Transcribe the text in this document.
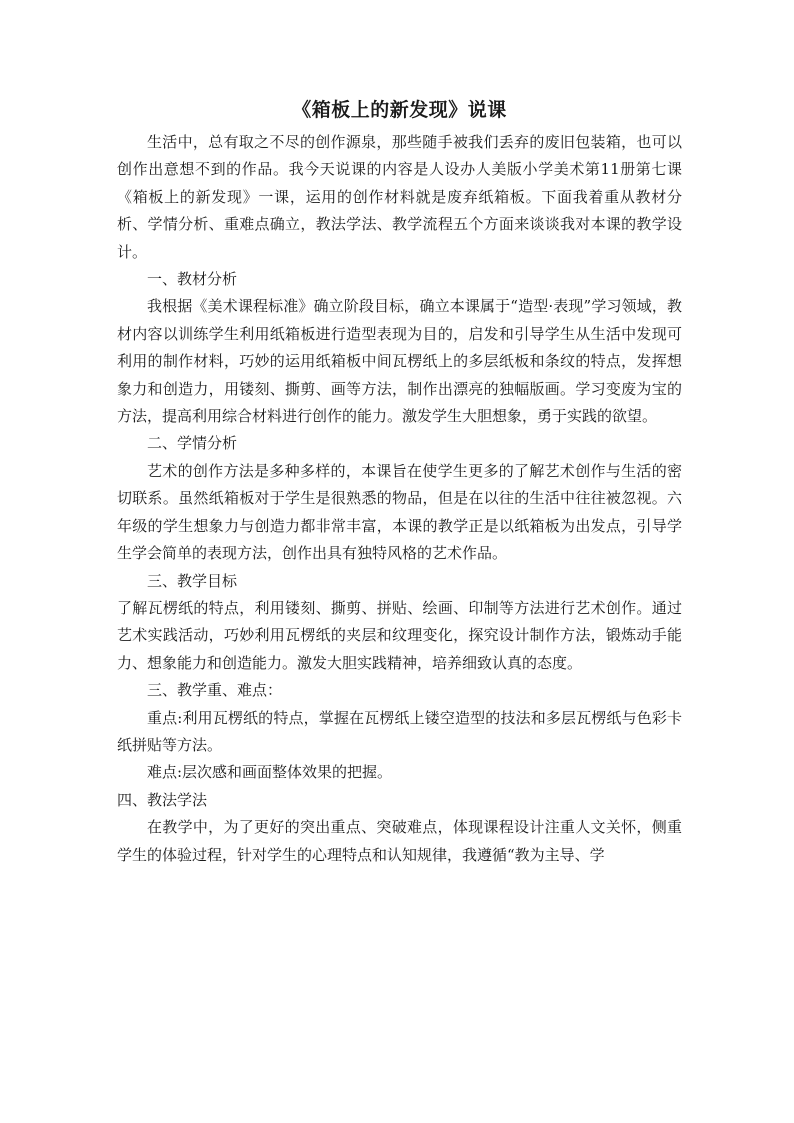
《箱板上的新发现》说课

生活中，总有取之不尽的创作源泉，那些随手被我们丢弃的废旧包装箱，也可以创作出意想不到的作品。我今天说课的内容是人设办人美版小学美术第11册第七课《箱板上的新发现》一课，运用的创作材料就是废弃纸箱板。下面我着重从教材分析、学情分析、重难点确立，教法学法、教学流程五个方面来谈谈我对本课的教学设计。

一、教材分析

我根据《美术课程标准》确立阶段目标，确立本课属于“造型·表现”学习领域，教材内容以训练学生利用纸箱板进行造型表现为目的，启发和引导学生从生活中发现可利用的制作材料，巧妙的运用纸箱板中间瓦楞纸上的多层纸板和条纹的特点，发挥想象力和创造力，用镂刻、撕剪、画等方法，制作出漂亮的独幅版画。学习变废为宝的方法，提高利用综合材料进行创作的能力。激发学生大胆想象，勇于实践的欲望。

二、学情分析

艺术的创作方法是多种多样的，本课旨在使学生更多的了解艺术创作与生活的密切联系。虽然纸箱板对于学生是很熟悉的物品，但是在以往的生活中往往被忽视。六年级的学生想象力与创造力都非常丰富，本课的教学正是以纸箱板为出发点，引导学生学会简单的表现方法，创作出具有独特风格的艺术作品。

三、教学目标

了解瓦楞纸的特点，利用镂刻、撕剪、拼贴、绘画、印制等方法进行艺术创作。通过艺术实践活动，巧妙利用瓦楞纸的夹层和纹理变化，探究设计制作方法，锻炼动手能力、想象能力和创造能力。激发大胆实践精神，培养细致认真的态度。

三、教学重、难点：

重点:利用瓦楞纸的特点，掌握在瓦楞纸上镂空造型的技法和多层瓦楞纸与色彩卡纸拼贴等方法。

难点:层次感和画面整体效果的把握。

四、教法学法

在教学中，为了更好的突出重点、突破难点，体现课程设计注重人文关怀，侧重学生的体验过程，针对学生的心理特点和认知规律，我遵循“教为主导、学
